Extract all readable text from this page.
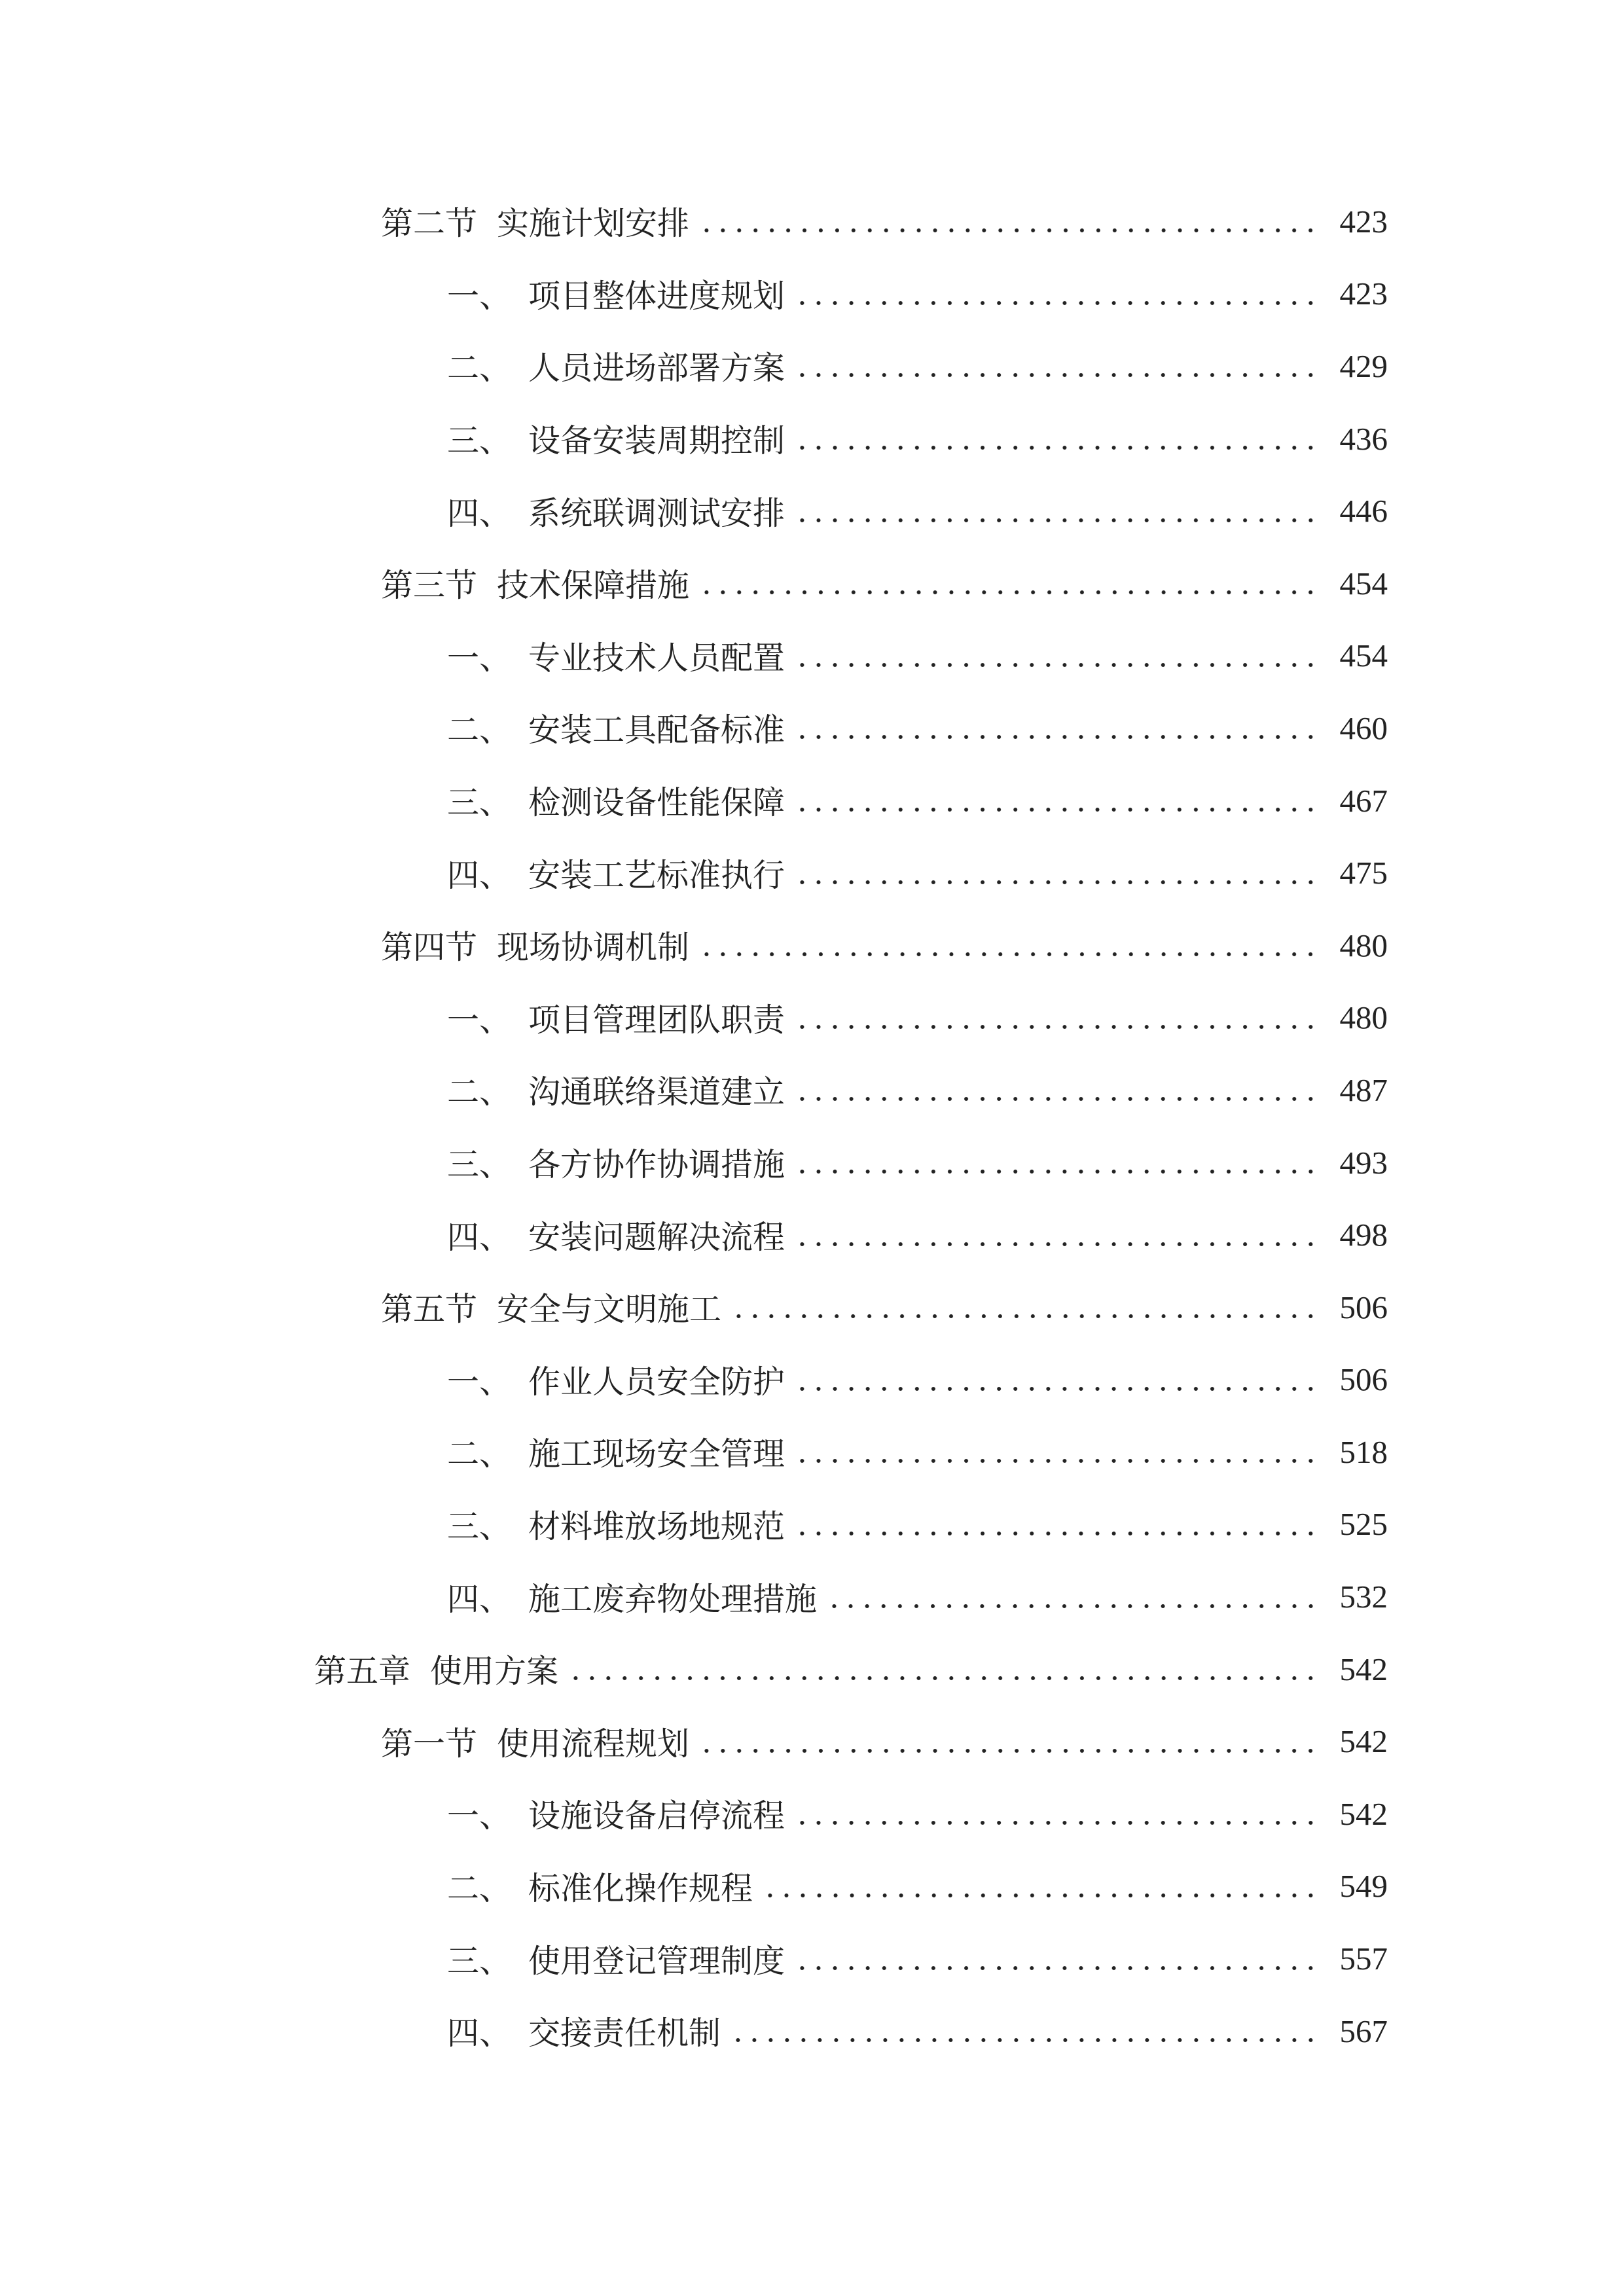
第二节 实施计划安排	423
一、 项目整体进度规划	423
二、 人员进场部署方案	429
三、 设备安装周期控制	436
四、 系统联调测试安排	446
第三节 技术保障措施	454
一、 专业技术人员配置	454
二、 安装工具配备标准	460
三、 检测设备性能保障	467
四、 安装工艺标准执行	475
第四节 现场协调机制	480
一、 项目管理团队职责	480
二、 沟通联络渠道建立	487
三、 各方协作协调措施	493
四、 安装问题解决流程	498
第五节 安全与文明施工	506
一、 作业人员安全防护	506
二、 施工现场安全管理	518
三、 材料堆放场地规范	525
四、 施工废弃物处理措施	532
第五章 使用方案	542
第一节 使用流程规划	542
一、 设施设备启停流程	542
二、 标准化操作规程	549
三、 使用登记管理制度	557
四、 交接责任机制	567
